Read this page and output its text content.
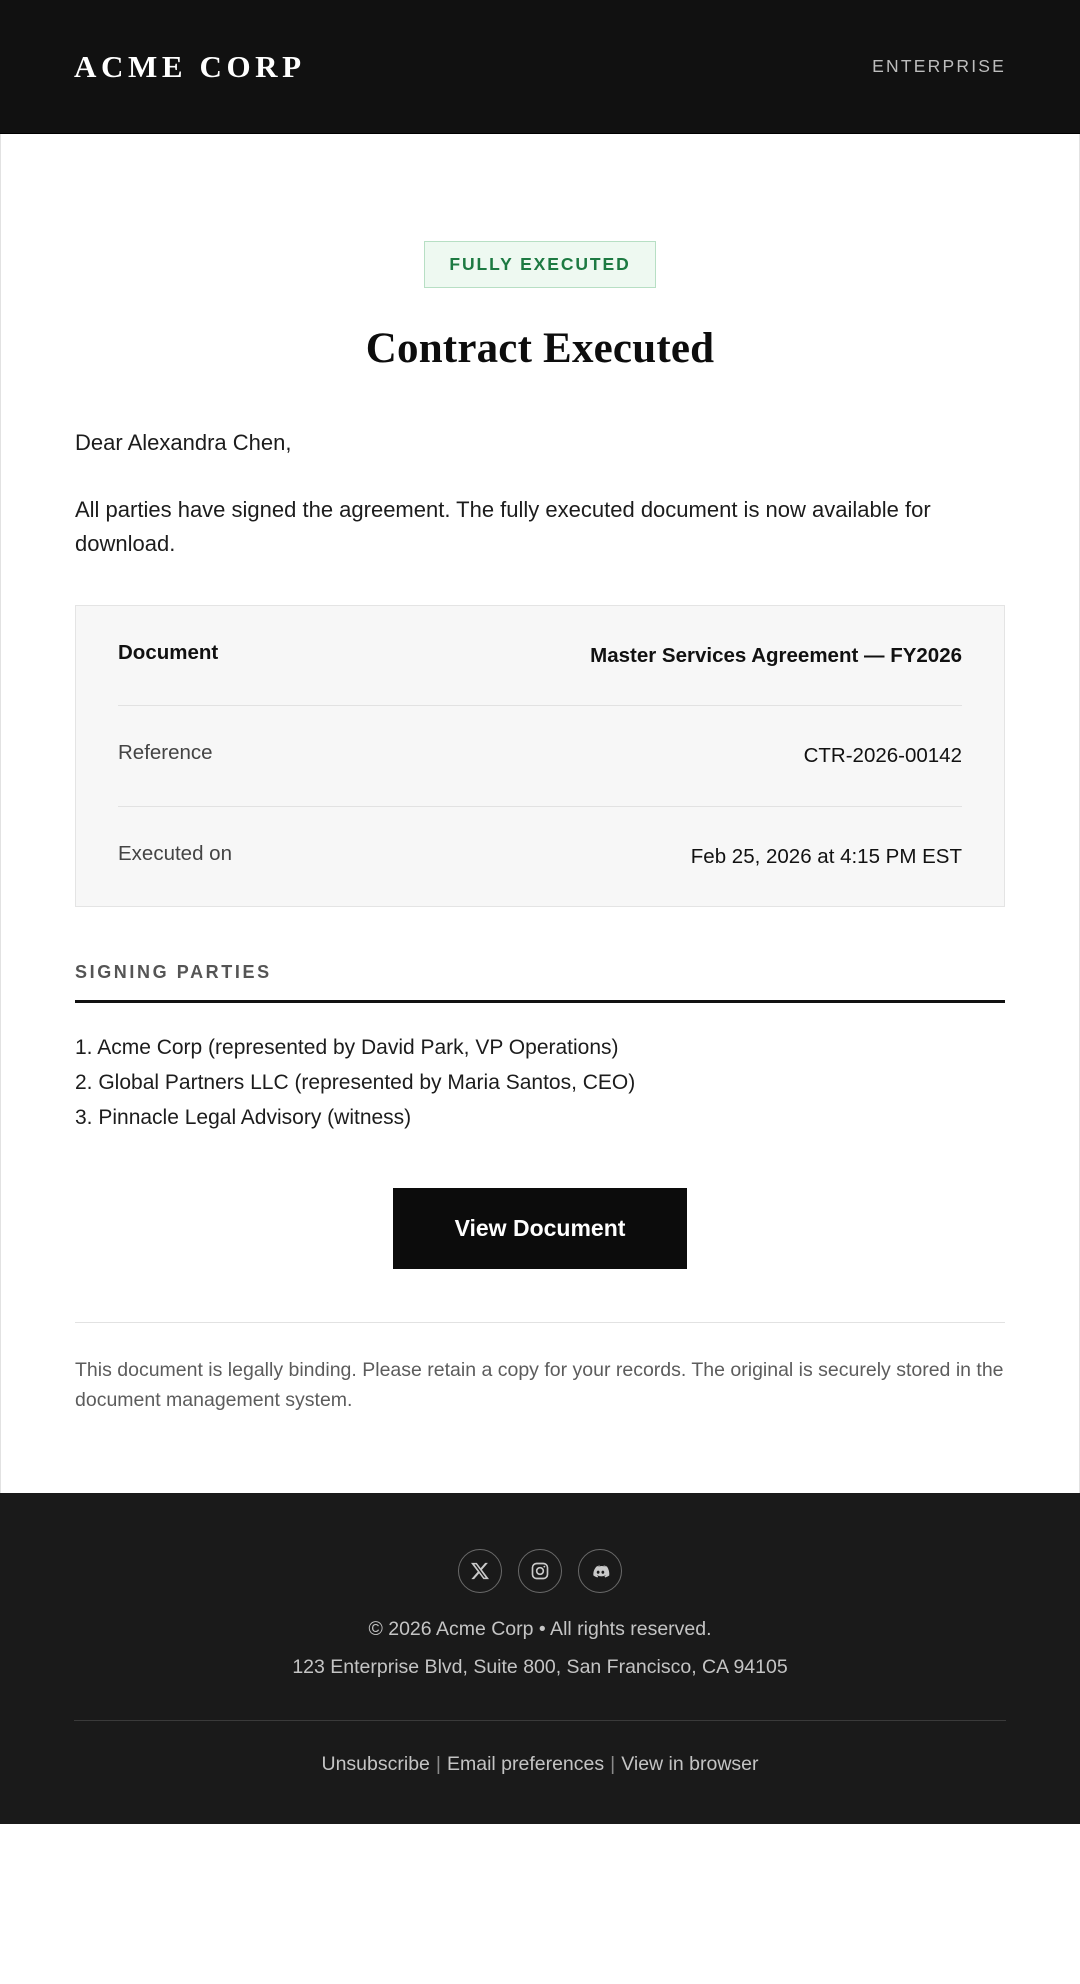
ACME CORP	ENTERPRISE
FULLY EXECUTED
Contract Executed

Dear Alexandra Chen,

All parties have signed the agreement. The fully executed document is now available for download.

Document	Master Services Agreement — FY2026
Reference	CTR-2026-00142
Executed on	Feb 25, 2026 at 4:15 PM EST
SIGNING PARTIES
1. Acme Corp (represented by David Park, VP Operations)
2. Global Partners LLC (represented by Maria Santos, CEO)
3. Pinnacle Legal Advisory (witness)
View Document

This document is legally binding. Please retain a copy for your records. The original is securely stored in the document management system.

© 2026 Acme Corp • All rights reserved.
123 Enterprise Blvd, Suite 800, San Francisco, CA 94105
Unsubscribe | Email preferences | View in browser
